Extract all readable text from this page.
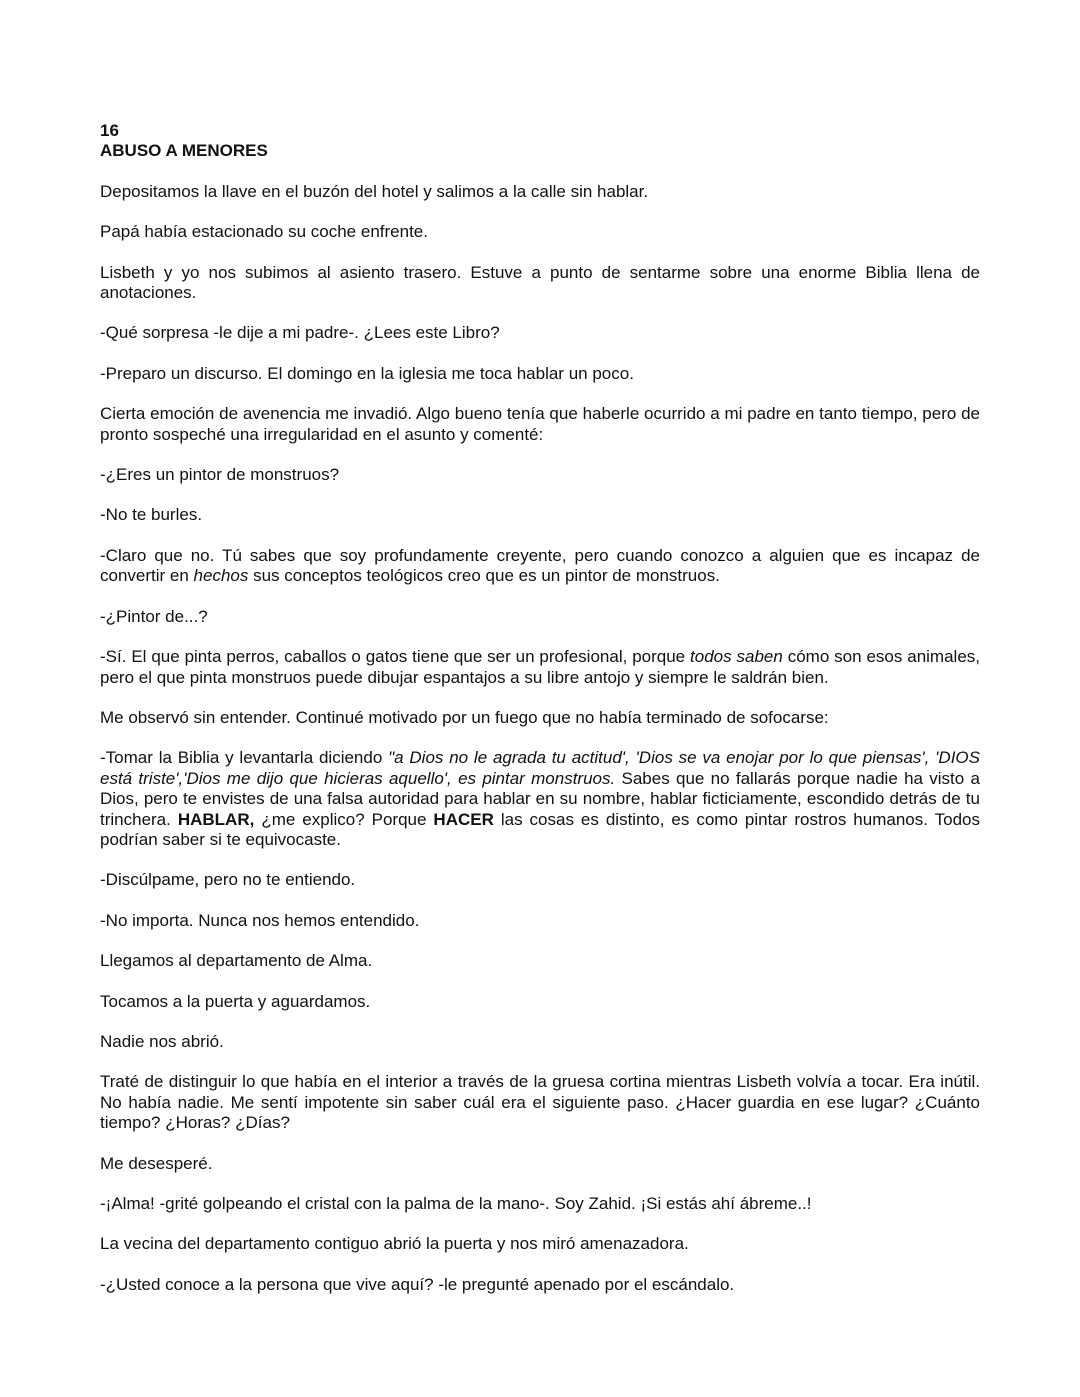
16
ABUSO A MENORES

Depositamos la llave en el buzón del hotel y salimos a la calle sin hablar.

Papá había estacionado su coche enfrente.

Lisbeth y yo nos subimos al asiento trasero. Estuve a punto de sentarme sobre una enorme Biblia llena de anotaciones.

-Qué sorpresa -le dije a mi padre-. ¿Lees este Libro?

-Preparo un discurso. El domingo en la iglesia me toca hablar un poco.

Cierta emoción de avenencia me invadió. Algo bueno tenía que haberle ocurrido a mi padre en tanto tiempo, pero de pronto sospeché una irregularidad en el asunto y comenté:

-¿Eres un pintor de monstruos?

-No te burles.

-Claro que no. Tú sabes que soy profundamente creyente, pero cuando conozco a alguien que es incapaz de convertir en hechos sus conceptos teológicos creo que es un pintor de monstruos.

-¿Pintor de...?

-Sí. El que pinta perros, caballos o gatos tiene que ser un profesional, porque todos saben cómo son esos animales, pero el que pinta monstruos puede dibujar espantajos a su libre antojo y siempre le saldrán bien.

Me observó sin entender. Continué motivado por un fuego que no había terminado de sofocarse:

-Tomar la Biblia y levantarla diciendo "a Dios no le agrada tu actitud', 'Dios se va enojar por lo que piensas', 'DIOS está triste','Dios me dijo que hicieras aquello', es pintar monstruos. Sabes que no fallarás porque nadie ha visto a Dios, pero te envistes de una falsa autoridad para hablar en su nombre, hablar ficticiamente, escondido detrás de tu trinchera. HABLAR, ¿me explico? Porque HACER las cosas es distinto, es como pintar rostros humanos. Todos podrían saber si te equivocaste.

-Discúlpame, pero no te entiendo.

-No importa. Nunca nos hemos entendido.

Llegamos al departamento de Alma.

Tocamos a la puerta y aguardamos.

Nadie nos abrió.

Traté de distinguir lo que había en el interior a través de la gruesa cortina mientras Lisbeth volvía a tocar. Era inútil. No había nadie. Me sentí impotente sin saber cuál era el siguiente paso. ¿Hacer guardia en ese lugar? ¿Cuánto tiempo? ¿Horas? ¿Días?

Me desesperé.

-¡Alma! -grité golpeando el cristal con la palma de la mano-. Soy Zahid. ¡Si estás ahí ábreme..!

La vecina del departamento contiguo abrió la puerta y nos miró amenazadora.

-¿Usted conoce a la persona que vive aquí? -le pregunté apenado por el escándalo.
